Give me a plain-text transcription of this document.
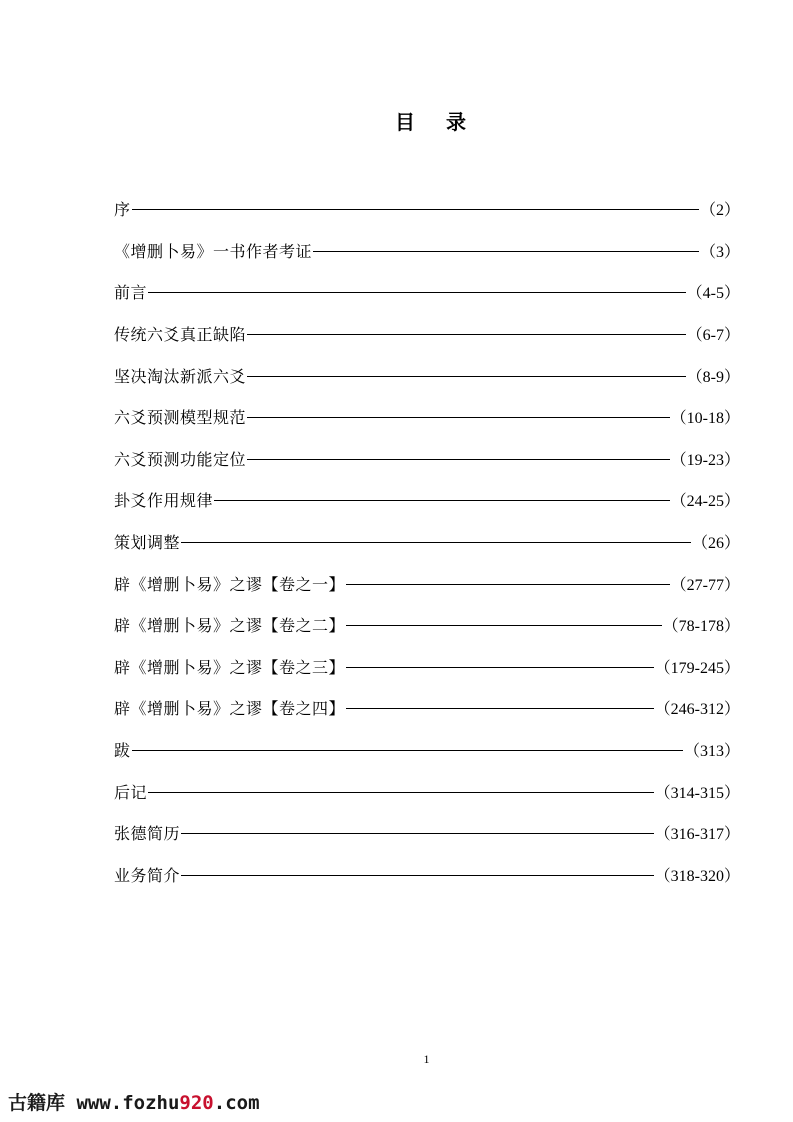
目 录
序	（2）
《增删卜易》一书作者考证	（3）
前言	（4-5）
传统六爻真正缺陷	（6-7）
坚决淘汰新派六爻	（8-9）
六爻预测模型规范	（10-18）
六爻预测功能定位	（19-23）
卦爻作用规律	（24-25）
策划调整	（26）
辟《增删卜易》之谬【卷之一】	（27-77）
辟《增删卜易》之谬【卷之二】	（78-178）
辟《增删卜易》之谬【卷之三】	（179-245）
辟《增删卜易》之谬【卷之四】	（246-312）
跋	（313）
后记	（314-315）
张德简历	（316-317）
业务简介	（318-320）
1
古籍库 www.fozhu920.com
